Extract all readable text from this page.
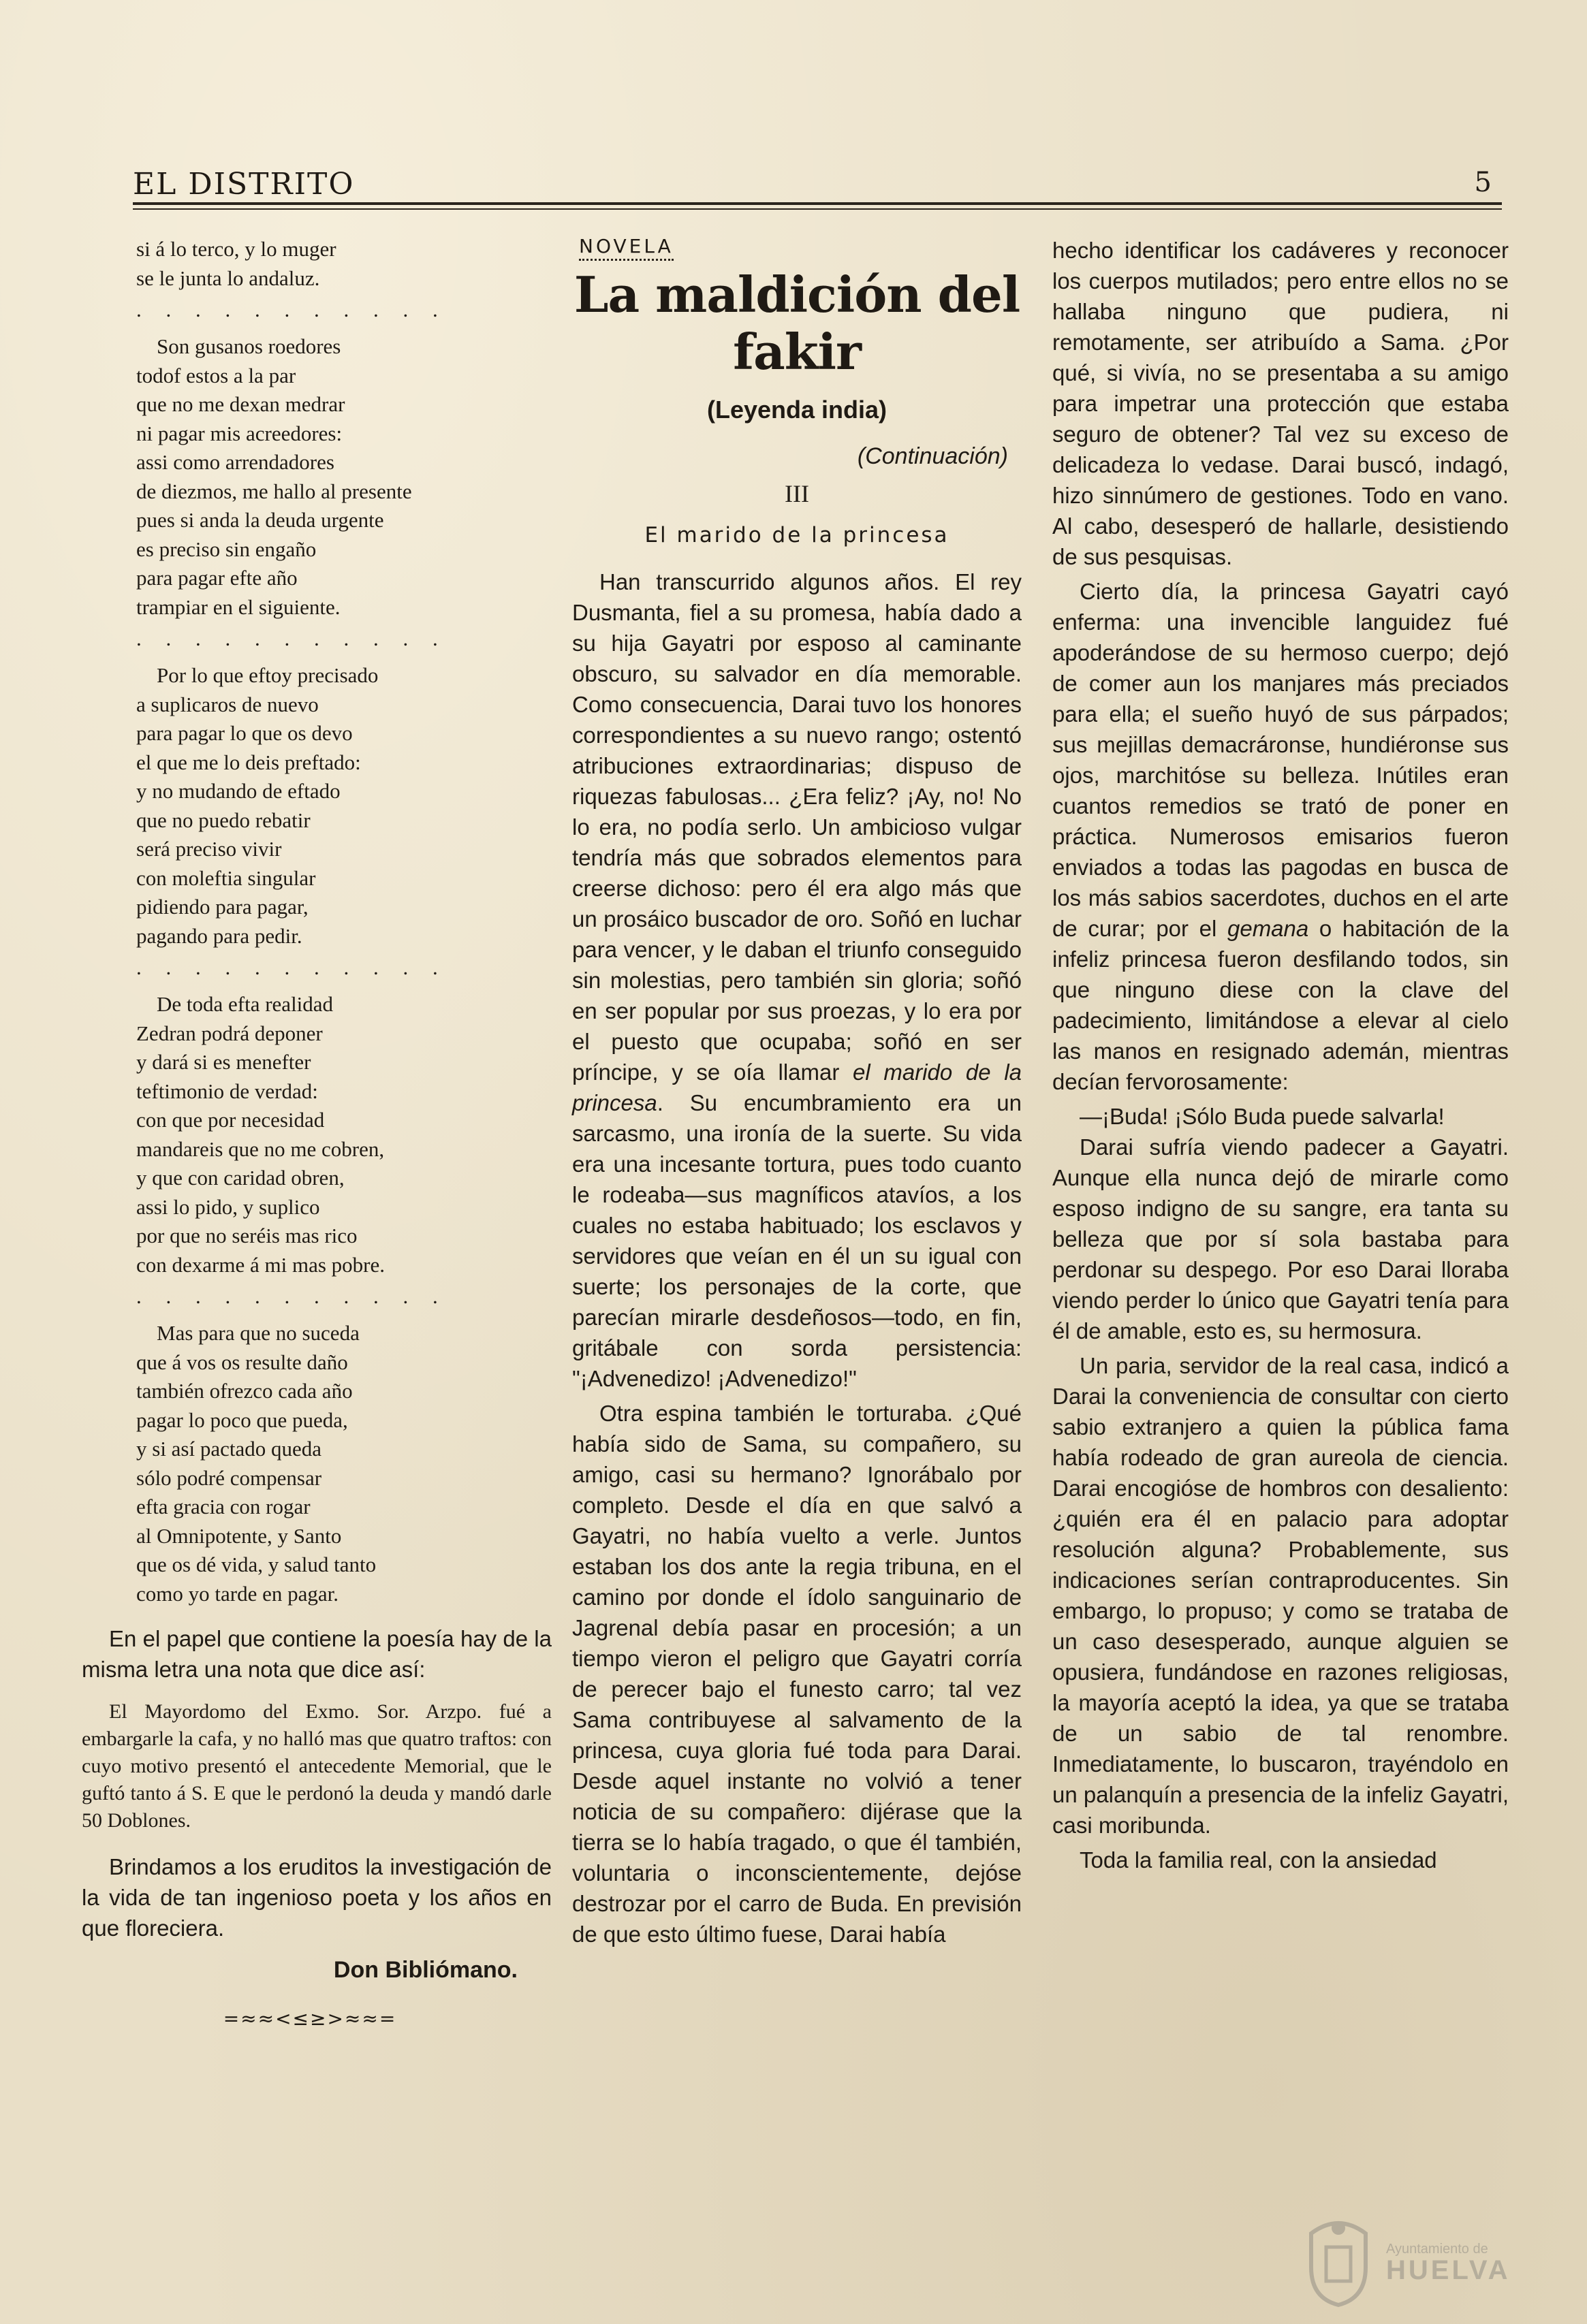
EL DISTRITO	5
si á lo terco, y lo muger
se le junta lo andaluz.
. . . . . . . . . . .
Son gusanos roedores
todof estos a la par
que no me dexan medrar
ni pagar mis acreedores:
assi como arrendadores
de diezmos, me hallo al presente
pues si anda la deuda urgente
es preciso sin engaño
para pagar efte año
trampiar en el siguiente.
. . . . . . . . . . .
Por lo que eftoy precisado
a suplicaros de nuevo
para pagar lo que os devo
el que me lo deis preftado:
y no mudando de eftado
que no puedo rebatir
será preciso vivir
con moleftia singular
pidiendo para pagar,
pagando para pedir.
. . . . . . . . . . .
De toda efta realidad
Zedran podrá deponer
y dará si es menefter
teftimonio de verdad:
con que por necesidad
mandareis que no me cobren,
y que con caridad obren,
assi lo pido, y suplico
por que no seréis mas rico
con dexarme á mi mas pobre.
. . . . . . . . . . .
Mas para que no suceda
que á vos os resulte daño
también ofrezco cada año
pagar lo poco que pueda,
y si así pactado queda
sólo podré compensar
efta gracia con rogar
al Omnipotente, y Santo
que os dé vida, y salud tanto
como yo tarde en pagar.

En el papel que contiene la poesía hay de la misma letra una nota que dice así:

El Mayordomo del Exmo. Sor. Arzpo. fué a embargarle la cafa, y no halló mas que quatro traftos: con cuyo motivo presentó el antecedente Memorial, que le guftó tanto á S. E que le perdonó la deuda y mandó darle 50 Doblones.

Brindamos a los eruditos la investigación de la vida de tan ingenioso poeta y los años en que floreciera.

Don Bibliómano.
=≈≈<≤≥>≈≈=
NOVELA
La maldición del fakir
(Leyenda india)
(Continuación)
III
El marido de la princesa

Han transcurrido algunos años. El rey Dusmanta, fiel a su promesa, había dado a su hija Gayatri por esposo al caminante obscuro, su salvador en día memorable. Como consecuencia, Darai tuvo los honores correspondientes a su nuevo rango; ostentó atribuciones extraordinarias; dispuso de riquezas fabulosas... ¿Era feliz? ¡Ay, no! No lo era, no podía serlo. Un ambicioso vulgar tendría más que sobrados elementos para creerse dichoso: pero él era algo más que un prosáico buscador de oro. Soñó en luchar para vencer, y le daban el triunfo conseguido sin molestias, pero también sin gloria; soñó en ser popular por sus proezas, y lo era por el puesto que ocupaba; soñó en ser príncipe, y se oía llamar el marido de la princesa. Su encumbramiento era un sarcasmo, una ironía de la suerte. Su vida era una incesante tortura, pues todo cuanto le rodeaba—sus magníficos atavíos, a los cuales no estaba habituado; los esclavos y servidores que veían en él un su igual con suerte; los personajes de la corte, que parecían mirarle desdeñosos—todo, en fin, gritábale con sorda persistencia: "¡Advenedizo! ¡Advenedizo!"

Otra espina también le torturaba. ¿Qué había sido de Sama, su compañero, su amigo, casi su hermano? Ignorábalo por completo. Desde el día en que salvó a Gayatri, no había vuelto a verle. Juntos estaban los dos ante la regia tribuna, en el camino por donde el ídolo sanguinario de Jagrenal debía pasar en procesión; a un tiempo vieron el peligro que Gayatri corría de perecer bajo el funesto carro; tal vez Sama contribuyese al salvamento de la princesa, cuya gloria fué toda para Darai. Desde aquel instante no volvió a tener noticia de su compañero: dijérase que la tierra se lo había tragado, o que él también, voluntaria o inconscientemente, dejóse destrozar por el carro de Buda. En previsión de que esto último fuese, Darai había

hecho identificar los cadáveres y reconocer los cuerpos mutilados; pero entre ellos no se hallaba ninguno que pudiera, ni remotamente, ser atribuído a Sama. ¿Por qué, si vivía, no se presentaba a su amigo para impetrar una protección que estaba seguro de obtener? Tal vez su exceso de delicadeza lo vedase. Darai buscó, indagó, hizo sinnúmero de gestiones. Todo en vano. Al cabo, desesperó de hallarle, desistiendo de sus pesquisas.

Cierto día, la princesa Gayatri cayó enferma: una invencible languidez fué apoderándose de su hermoso cuerpo; dejó de comer aun los manjares más preciados para ella; el sueño huyó de sus párpados; sus mejillas demacráronse, hundiéronse sus ojos, marchitóse su belleza. Inútiles eran cuantos remedios se trató de poner en práctica. Numerosos emisarios fueron enviados a todas las pagodas en busca de los más sabios sacerdotes, duchos en el arte de curar; por el gemana o habitación de la infeliz princesa fueron desfilando todos, sin que ninguno diese con la clave del padecimiento, limitándose a elevar al cielo las manos en resignado ademán, mientras decían fervorosamente:

—¡Buda! ¡Sólo Buda puede salvarla!

Darai sufría viendo padecer a Gayatri. Aunque ella nunca dejó de mirarle como esposo indigno de su sangre, era tanta su belleza que por sí sola bastaba para perdonar su despego. Por eso Darai lloraba viendo perder lo único que Gayatri tenía para él de amable, esto es, su hermosura.

Un paria, servidor de la real casa, indicó a Darai la conveniencia de consultar con cierto sabio extranjero a quien la pública fama había rodeado de gran aureola de ciencia. Darai encogióse de hombros con desaliento: ¿quién era él en palacio para adoptar resolución alguna? Probablemente, sus indicaciones serían contraproducentes. Sin embargo, lo propuso; y como se trataba de un caso desesperado, aunque alguien se opusiera, fundándose en razones religiosas, la mayoría aceptó la idea, ya que se trataba de un sabio de tal renombre. Inmediatamente, lo buscaron, trayéndolo en un palanquín a presencia de la infeliz Gayatri, casi moribunda.

Toda la familia real, con la ansiedad

Ayuntamiento de
HUELVA
